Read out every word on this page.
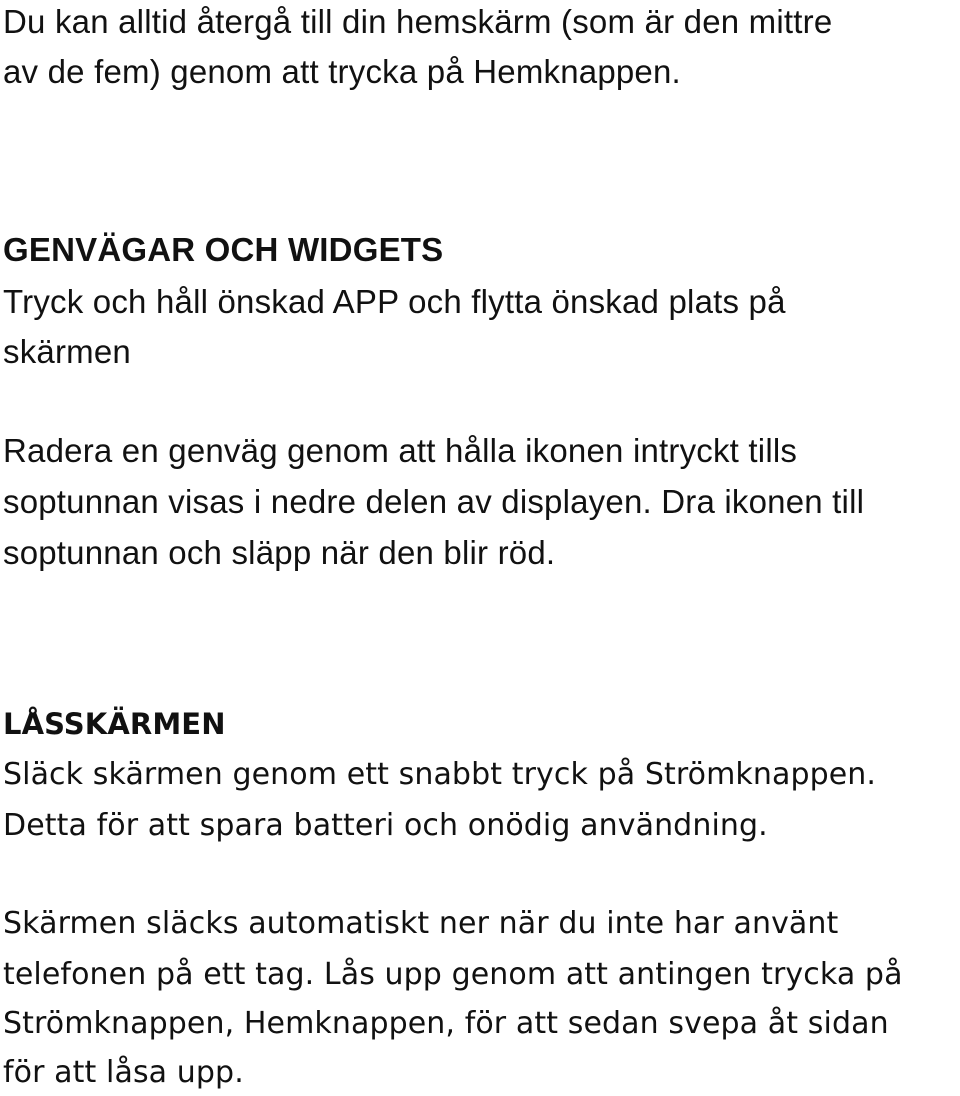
Du kan alltid återgå till din hemskärm (som är den mittre
av de fem) genom att trycka på Hemknappen.
GENVÄGAR OCH WIDGETS
Tryck och håll önskad APP och flytta önskad plats på
skärmen
Radera en genväg genom att hålla ikonen intryckt tills
soptunnan visas i nedre delen av displayen. Dra ikonen till
soptunnan och släpp när den blir röd.
LÅSSKÄRMEN
Släck skärmen genom ett snabbt tryck på Strömknappen.
Detta för att spara batteri och onödig användning.
Skärmen släcks automatiskt ner när du inte har använt
telefonen på ett tag. Lås upp genom att antingen trycka på
Strömknappen, Hemknappen, för att sedan svepa åt sidan
för att låsa upp.
